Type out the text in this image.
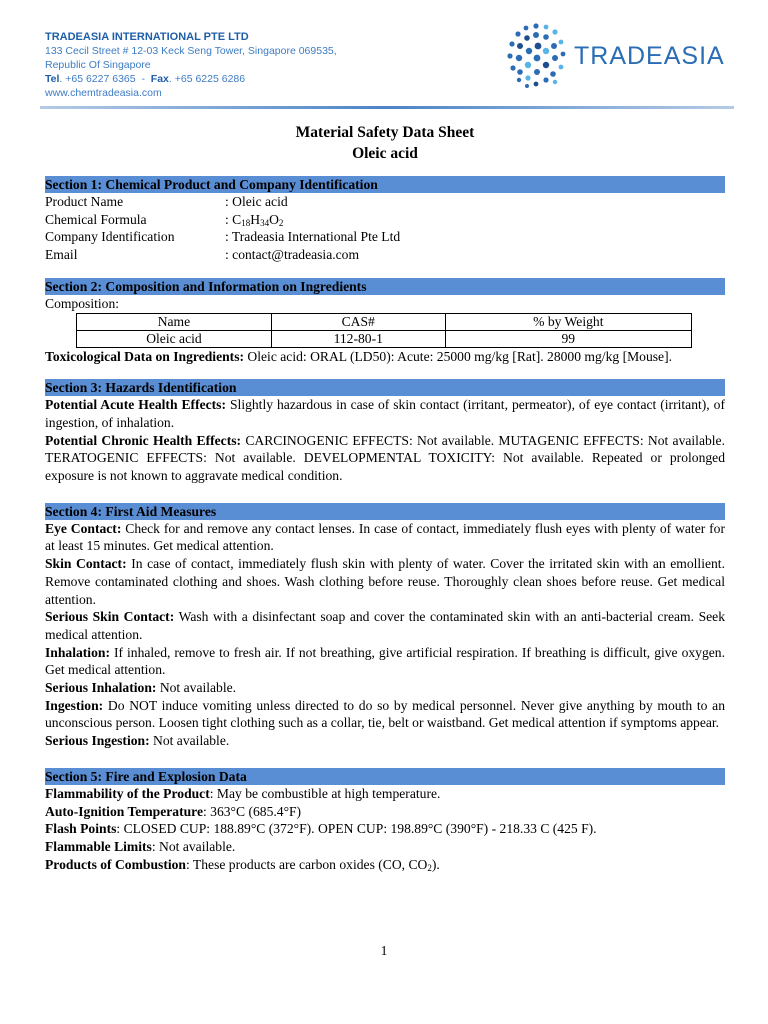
TRADEASIA INTERNATIONAL PTE LTD
133 Cecil Street # 12-03 Keck Seng Tower, Singapore 069535,
Republic Of Singapore
Tel. +65 6227 6365 - Fax. +65 6225 6286
www.chemtradeasia.com
TRADEASIA
Material Safety Data Sheet
Oleic acid
Section 1: Chemical Product and Company Identification
Product Name	: Oleic acid
Chemical Formula	: $C_{18}H_{34}O_2$
Company Identification	: Tradeasia International Pte Ltd
Email	: contact@tradeasia.com
Section 2: Composition and Information on Ingredients
Composition:
Name	CAS#	% by Weight
Oleic acid	112-80-1	99

Toxicological Data on Ingredients: Oleic acid: ORAL (LD50): Acute: 25000 mg/kg [Rat]. 28000 mg/kg [Mouse].

Section 3: Hazards Identification

Potential Acute Health Effects: Slightly hazardous in case of skin contact (irritant, permeator), of eye contact (irritant), of ingestion, of inhalation.

Potential Chronic Health Effects: CARCINOGENIC EFFECTS: Not available. MUTAGENIC EFFECTS: Not available. TERATOGENIC EFFECTS: Not available. DEVELOPMENTAL TOXICITY: Not available. Repeated or prolonged exposure is not known to aggravate medical condition.

Section 4: First Aid Measures

Eye Contact: Check for and remove any contact lenses. In case of contact, immediately flush eyes with plenty of water for at least 15 minutes. Get medical attention.

Skin Contact: In case of contact, immediately flush skin with plenty of water. Cover the irritated skin with an emollient. Remove contaminated clothing and shoes. Wash clothing before reuse. Thoroughly clean shoes before reuse. Get medical attention.

Serious Skin Contact: Wash with a disinfectant soap and cover the contaminated skin with an anti-bacterial cream. Seek medical attention.

Inhalation: If inhaled, remove to fresh air. If not breathing, give artificial respiration. If breathing is difficult, give oxygen. Get medical attention.

Serious Inhalation: Not available.

Ingestion: Do NOT induce vomiting unless directed to do so by medical personnel. Never give anything by mouth to an unconscious person. Loosen tight clothing such as a collar, tie, belt or waistband. Get medical attention if symptoms appear.

Serious Ingestion: Not available.

Section 5: Fire and Explosion Data

Flammability of the Product: May be combustible at high temperature.

Auto-Ignition Temperature: 363°C (685.4°F)

Flash Points: CLOSED CUP: 188.89°C (372°F). OPEN CUP: 198.89°C (390°F) - 218.33 C (425 F).

Flammable Limits: Not available.

Products of Combustion: These products are carbon oxides (CO, $CO_2$).

1
